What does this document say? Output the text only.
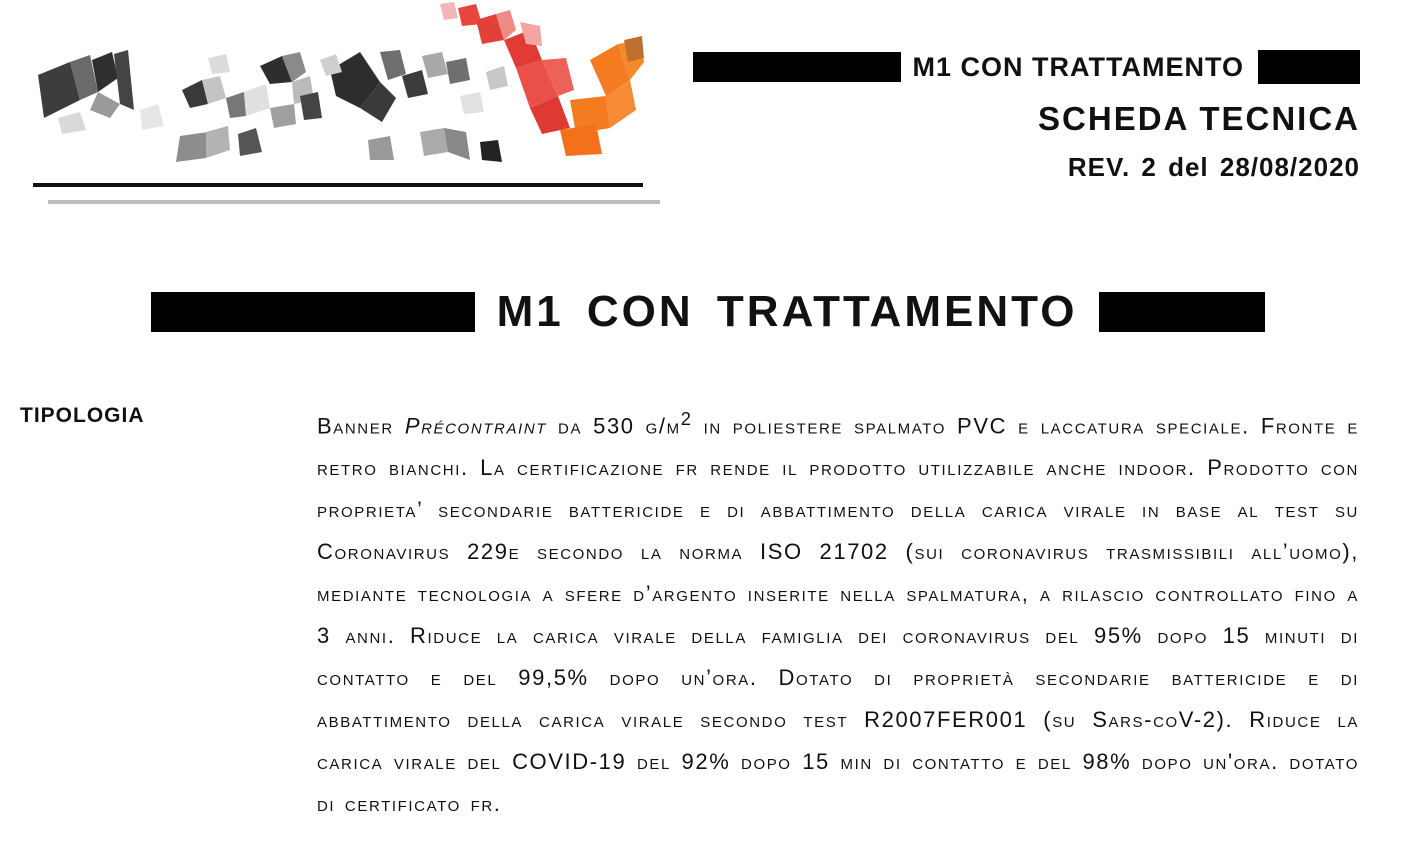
M1 CON TRATTAMENTO
SCHEDA TECNICA
REV. 2 del 28/08/2020
M1 CON TRATTAMENTO
TIPOLOGIA	Banner Précontraint da 530 $g/m^2$ in poliestere spalmato PVC e laccatura speciale. Fronte e retro bianchi. La certificazione fr rende il prodotto utilizzabile anche indoor. Prodotto con proprieta’ secondarie battericide e di abbattimento della carica virale in base al test su Coronavirus 229e secondo la norma ISO 21702 (sui coronavirus trasmissibili all’uomo), mediante tecnologia a sfere d’argento inserite nella spalmatura, a rilascio controllato fino a 3 anni. Riduce la carica virale della famiglia dei coronavirus del 95% dopo 15 minuti di contatto e del 99,5% dopo un’ora. Dotato di proprietà secondarie battericide e di abbattimento della carica virale secondo test R2007FER001 (su Sars-coV-2). Riduce la carica virale del COVID-19 del 92% dopo 15 min di contatto e del 98% dopo un'ora. dotato di certificato fr.
